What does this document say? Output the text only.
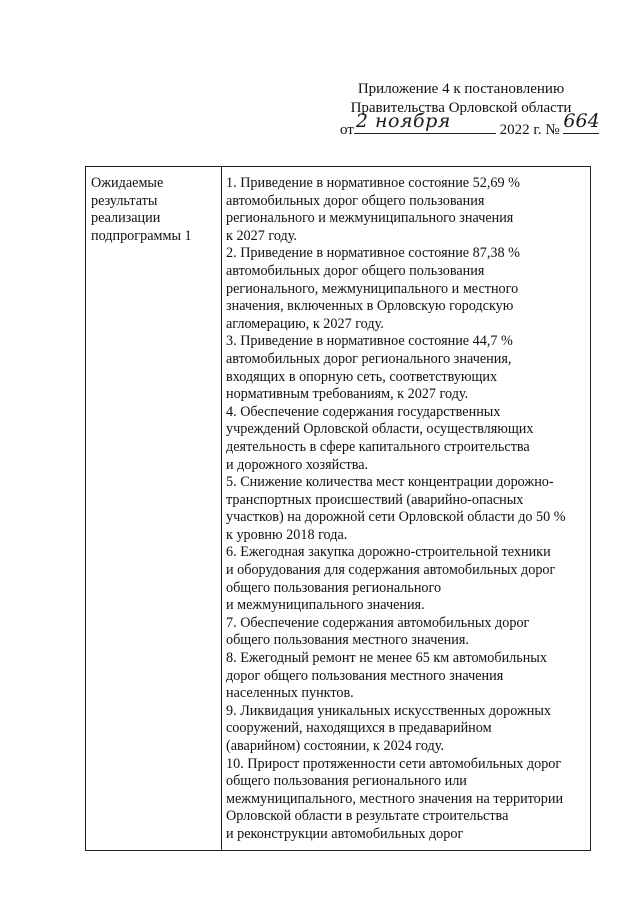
Приложение 4 к постановлению
Правительства Орловской области
от 2 ноября	2022 г. № 664
Ожидаемые
результаты
реализации
подпрограммы 1

1. Приведение в нормативное состояние 52,69 %
автомобильных дорог общего пользования
регионального и межмуниципального значения
к 2027 году.
2. Приведение в нормативное состояние 87,38 %
автомобильных дорог общего пользования
регионального, межмуниципального и местного
значения, включенных в Орловскую городскую
агломерацию, к 2027 году.
3. Приведение в нормативное состояние 44,7 %
автомобильных дорог регионального значения,
входящих в опорную сеть, соответствующих
нормативным требованиям, к 2027 году.
4. Обеспечение содержания государственных
учреждений Орловской области, осуществляющих
деятельность в сфере капитального строительства
и дорожного хозяйства.
5. Снижение количества мест концентрации дорожно-
транспортных происшествий (аварийно-опасных
участков) на дорожной сети Орловской области до 50 %
к уровню 2018 года.
6. Ежегодная закупка дорожно-строительной техники
и оборудования для содержания автомобильных дорог
общего пользования регионального
и межмуниципального значения.
7. Обеспечение содержания автомобильных дорог
общего пользования местного значения.
8. Ежегодный ремонт не менее 65 км автомобильных
дорог общего пользования местного значения
населенных пунктов.
9. Ликвидация уникальных искусственных дорожных
сооружений, находящихся в предаварийном
(аварийном) состоянии, к 2024 году.
10. Прирост протяженности сети автомобильных дорог
общего пользования регионального или
межмуниципального, местного значения на территории
Орловской области в результате строительства
и реконструкции автомобильных дорог
